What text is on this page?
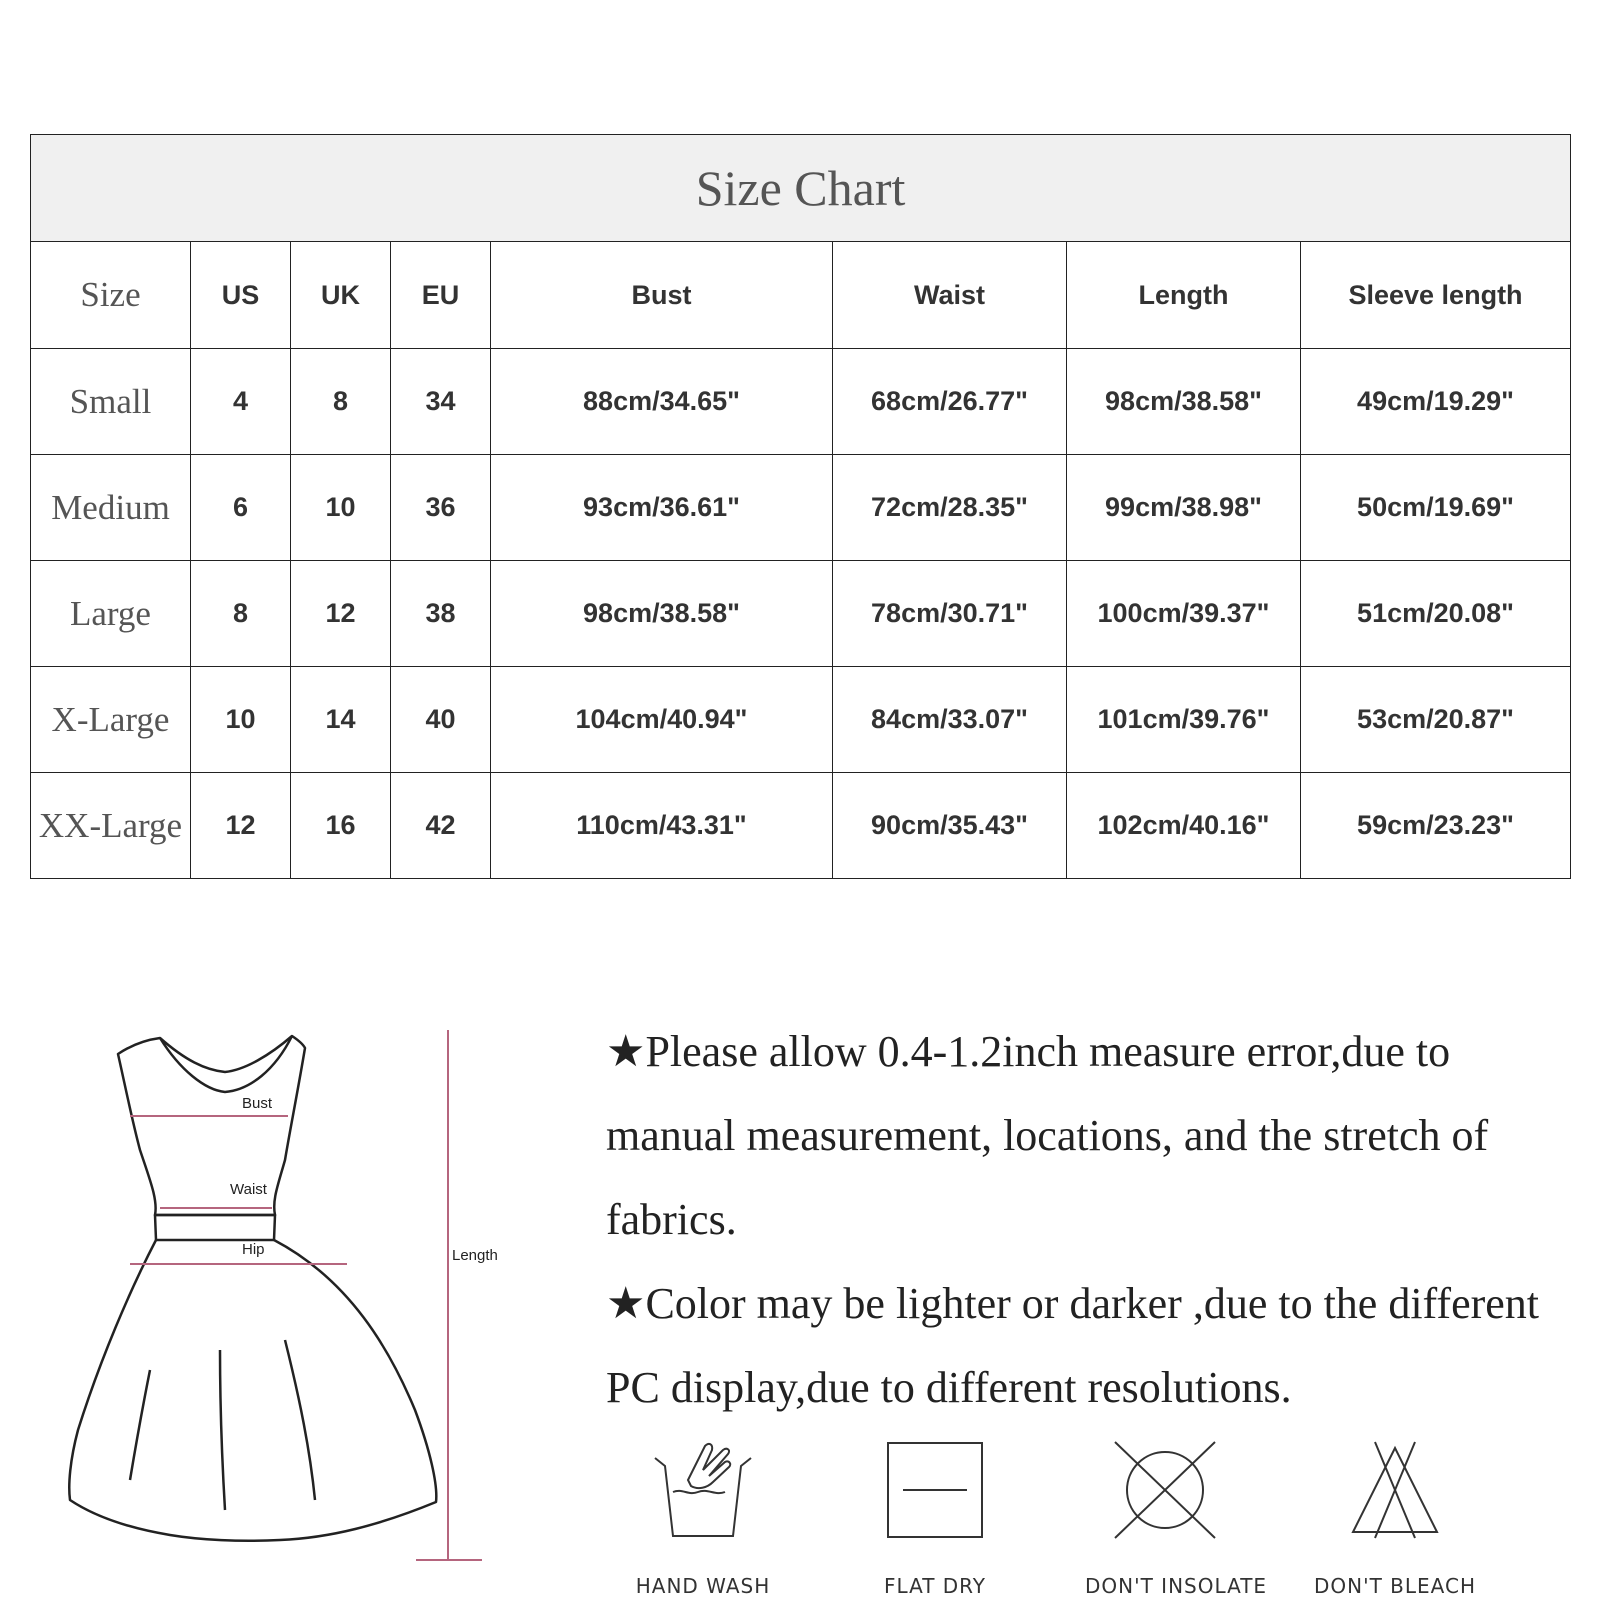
Size Chart							
Size	US	UK	EU	Bust	Waist	Length	Sleeve length
Small	4	8	34	88cm/34.65"	68cm/26.77"	98cm/38.58"	49cm/19.29"
Medium	6	10	36	93cm/36.61"	72cm/28.35"	99cm/38.98"	50cm/19.69"
Large	8	12	38	98cm/38.58"	78cm/30.71"	100cm/39.37"	51cm/20.08"
X-Large	10	14	40	104cm/40.94"	84cm/33.07"	101cm/39.76"	53cm/20.87"
XX-Large	12	16	42	110cm/43.31"	90cm/35.43"	102cm/40.16"	59cm/23.23"
Bust
Waist
Hip	Length

★Please allow 0.4-1.2inch measure error,due to manual measurement, locations, and the stretch of fabrics.

★Color may be lighter or darker ,due to the different PC display,due to different resolutions.

HAND WASH	FLAT DRY	DON'T INSOLATE DON'T BLEACH
